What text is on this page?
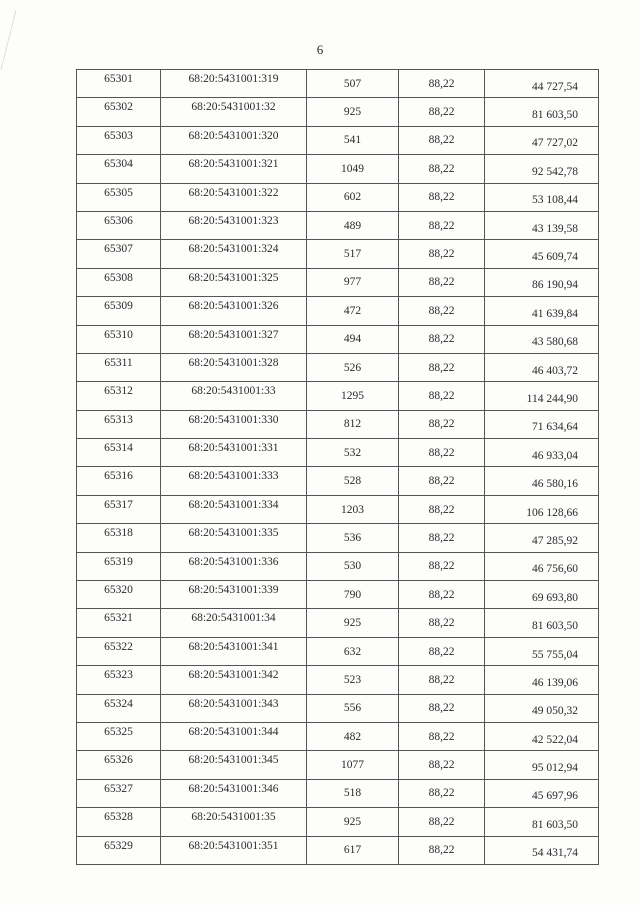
6
65301	68:20:5431001:319	507	88,22	44 727,54
65302	68:20:5431001:32	925	88,22	81 603,50
65303	68:20:5431001:320	541	88,22	47 727,02
65304	68:20:5431001:321	1049	88,22	92 542,78
65305	68:20:5431001:322	602	88,22	53 108,44
65306	68:20:5431001:323	489	88,22	43 139,58
65307	68:20:5431001:324	517	88,22	45 609,74
65308	68:20:5431001:325	977	88,22	86 190,94
65309	68:20:5431001:326	472	88,22	41 639,84
65310	68:20:5431001:327	494	88,22	43 580,68
65311	68:20:5431001:328	526	88,22	46 403,72
65312	68:20:5431001:33	1295	88,22	114 244,90
65313	68:20:5431001:330	812	88,22	71 634,64
65314	68:20:5431001:331	532	88,22	46 933,04
65316	68:20:5431001:333	528	88,22	46 580,16
65317	68:20:5431001:334	1203	88,22	106 128,66
65318	68:20:5431001:335	536	88,22	47 285,92
65319	68:20:5431001:336	530	88,22	46 756,60
65320	68:20:5431001:339	790	88,22	69 693,80
65321	68:20:5431001:34	925	88,22	81 603,50
65322	68:20:5431001:341	632	88,22	55 755,04
65323	68:20:5431001:342	523	88,22	46 139,06
65324	68:20:5431001:343	556	88,22	49 050,32
65325	68:20:5431001:344	482	88,22	42 522,04
65326	68:20:5431001:345	1077	88,22	95 012,94
65327	68:20:5431001:346	518	88,22	45 697,96
65328	68:20:5431001:35	925	88,22	81 603,50
65329	68:20:5431001:351	617	88,22	54 431,74
